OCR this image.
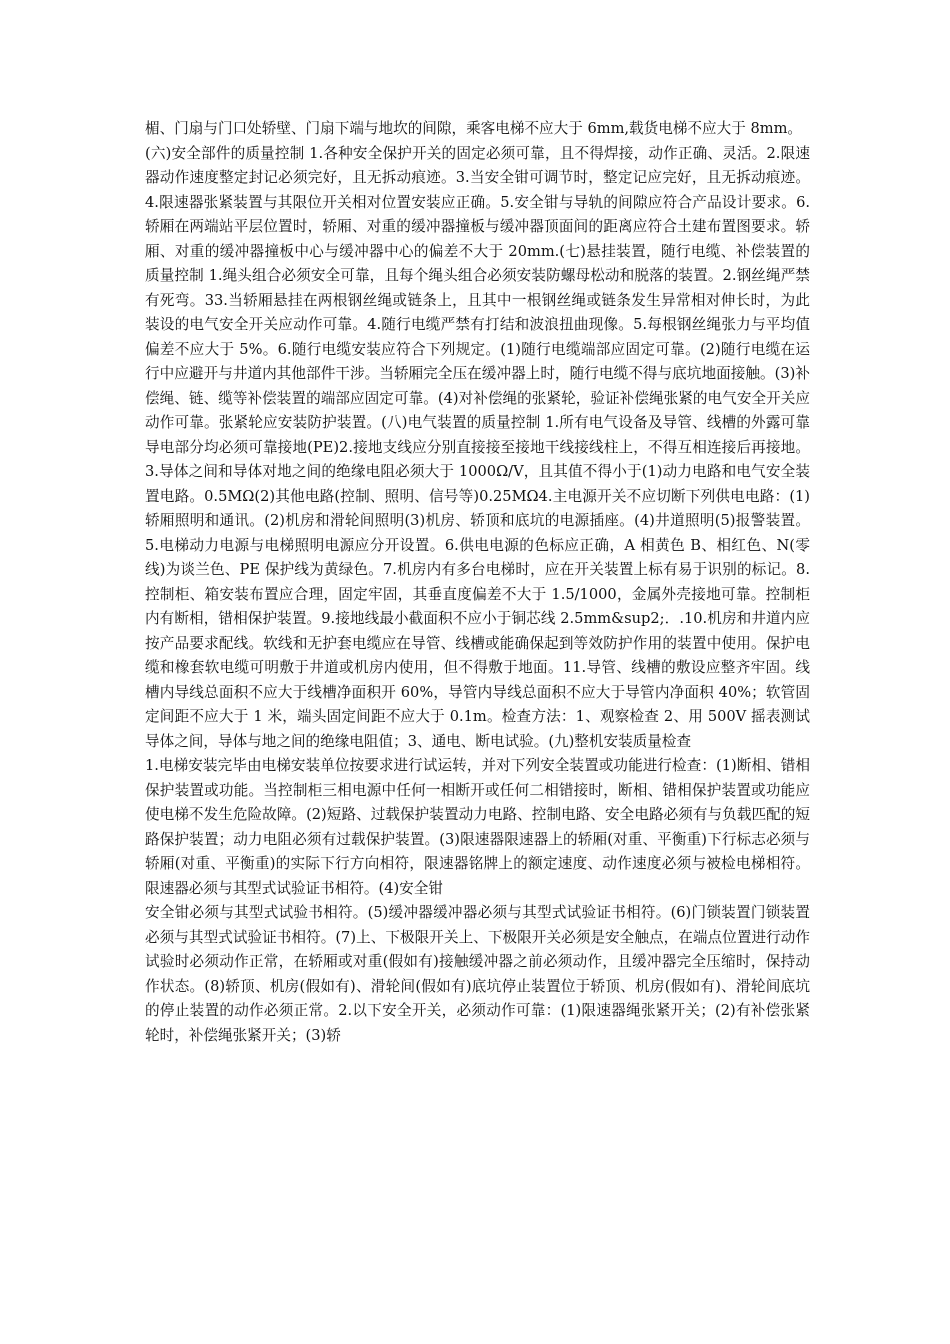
楣、门扇与门口处轿壁、门扇下端与地坎的间隙，乘客电梯不应大于 6mm,载货电梯不应大于 8mm。

(六)安全部件的质量控制 1.各种安全保护开关的固定必须可靠，且不得焊接，动作正确、灵活。2.限速器动作速度整定封记必须完好，且无拆动痕迹。3.当安全钳可调节时，整定记应完好，且无拆动痕迹。4.限速器张紧装置与其限位开关相对位置安装应正确。5.安全钳与导轨的间隙应符合产品设计要求。6.轿厢在两端站平层位置时，轿厢、对重的缓冲器撞板与缓冲器顶面间的距离应符合土建布置图要求。轿厢、对重的缓冲器撞板中心与缓冲器中心的偏差不大于 20mm.(七)悬挂装置，随行电缆、补偿装置的质量控制 1.绳头组合必须安全可靠，且每个绳头组合必须安装防螺母松动和脱落的装置。2.钢丝绳严禁有死弯。33.当轿厢悬挂在两根钢丝绳或链条上，且其中一根钢丝绳或链条发生异常相对伸长时，为此装设的电气安全开关应动作可靠。4.随行电缆严禁有打结和波浪扭曲现像。5.每根钢丝绳张力与平均值偏差不应大于 5%。6.随行电缆安装应符合下列规定。(1)随行电缆端部应固定可靠。(2)随行电缆在运行中应避开与井道内其他部件干涉。当轿厢完全压在缓冲器上时，随行电缆不得与底坑地面接触。(3)补偿绳、链、缆等补偿装置的端部应固定可靠。(4)对补偿绳的张紧轮，验证补偿绳张紧的电气安全开关应动作可靠。张紧轮应安装防护装置。(八)电气装置的质量控制 1.所有电气设备及导管、线槽的外露可靠导电部分均必须可靠接地(PE)2.接地支线应分别直接接至接地干线接线柱上，不得互相连接后再接地。3.导体之间和导体对地之间的绝缘电阻必须大于 1000Ω/V，且其值不得小于(1)动力电路和电气安全装置电路。0.5MΩ(2)其他电路(控制、照明、信号等)0.25MΩ4.主电源开关不应切断下列供电电路：(1)轿厢照明和通讯。(2)机房和滑轮间照明(3)机房、轿顶和底坑的电源插座。(4)井道照明(5)报警装置。5.电梯动力电源与电梯照明电源应分开设置。6.供电电源的色标应正确，A 相黄色 B、相红色、N(零线)为谈兰色、PE 保护线为黄绿色。7.机房内有多台电梯时，应在开关装置上标有易于识别的标记。8.控制柜、箱安装布置应合理，固定牢固，其垂直度偏差不大于 1.5/1000，金属外壳接地可靠。控制柜内有断相，错相保护装置。9.接地线最小截面积不应小于铜芯线 2.5mm&sup2;．.10.机房和井道内应按产品要求配线。软线和无护套电缆应在导管、线槽或能确保起到等效防护作用的装置中使用。保护电缆和橡套软电缆可明敷于井道或机房内使用，但不得敷于地面。11.导管、线槽的敷设应整齐牢固。线槽内导线总面积不应大于线槽净面积开 60%，导管内导线总面积不应大于导管内净面积 40%；软管固定间距不应大于 1 米，端头固定间距不应大于 0.1m。检查方法：1、观察检查 2、用 500V 摇表测试导体之间，导体与地之间的绝缘电阻值；3、通电、断电试验。(九)整机安装质量检查

1.电梯安装完毕由电梯安装单位按要求进行试运转，并对下列安全装置或功能进行检查：(1)断相、错相保护装置或功能。当控制柜三相电源中任何一相断开或任何二相错接时，断相、错相保护装置或功能应使电梯不发生危险故障。(2)短路、过载保护装置动力电路、控制电路、安全电路必须有与负载匹配的短路保护装置；动力电阻必须有过载保护装置。(3)限速器限速器上的轿厢(对重、平衡重)下行标志必须与轿厢(对重、平衡重)的实际下行方向相符，限速器铭牌上的额定速度、动作速度必须与被检电梯相符。限速器必须与其型式试验证书相符。(4)安全钳

安全钳必须与其型式试验书相符。(5)缓冲器缓冲器必须与其型式试验证书相符。(6)门锁装置门锁装置必须与其型式试验证书相符。(7)上、下极限开关上、下极限开关必须是安全触点，在端点位置进行动作试验时必须动作正常，在轿厢或对重(假如有)接触缓冲器之前必须动作，且缓冲器完全压缩时，保持动作状态。(8)轿顶、机房(假如有)、滑轮间(假如有)底坑停止装置位于轿顶、机房(假如有)、滑轮间底坑的停止装置的动作必须正常。2.以下安全开关，必须动作可靠：(1)限速器绳张紧开关；(2)有补偿张紧轮时，补偿绳张紧开关；(3)轿
